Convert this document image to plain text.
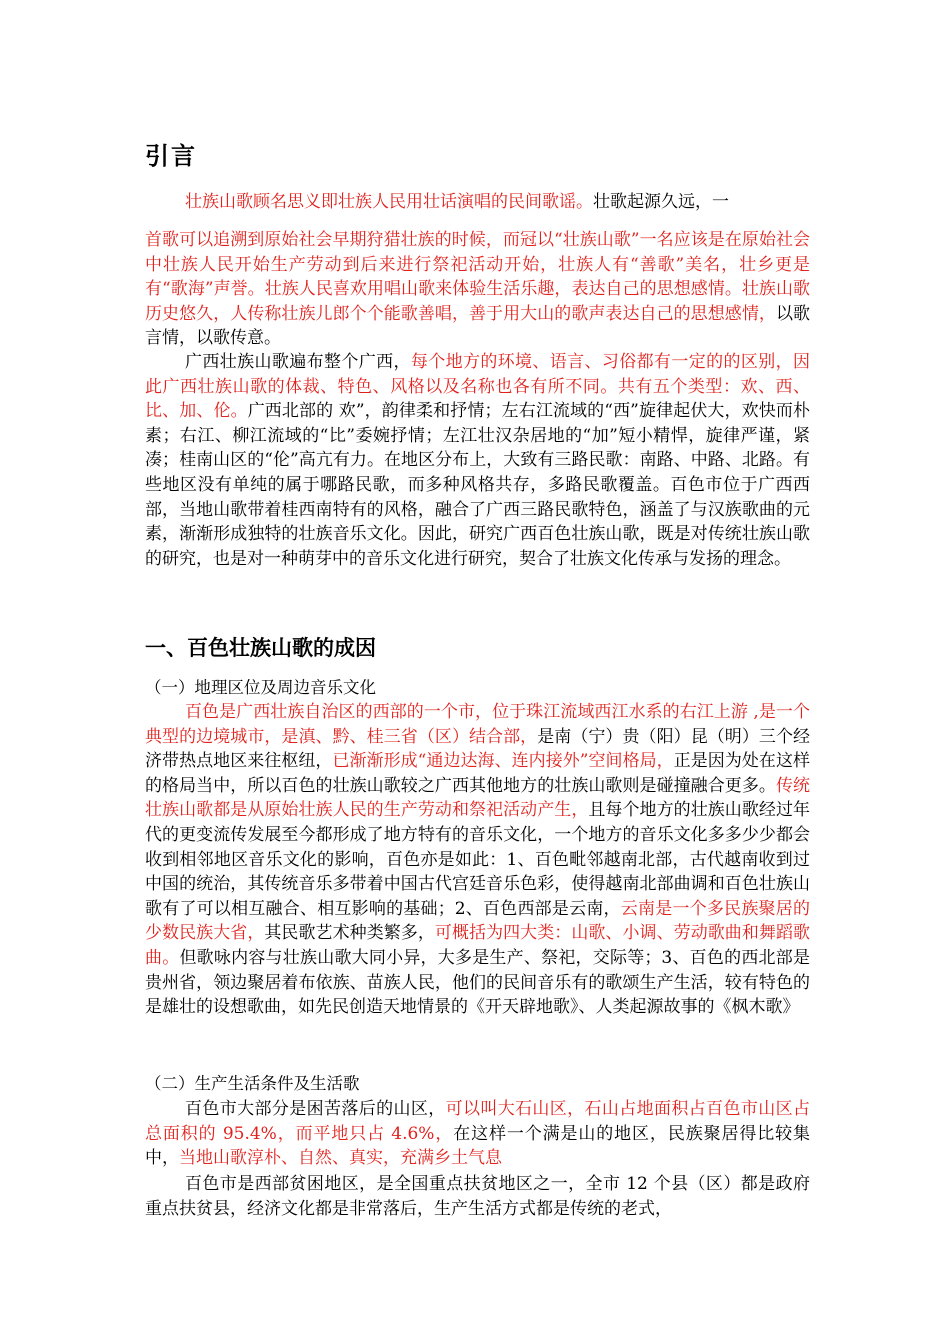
引言
壮族山歌顾名思义即壮族人民用壮话演唱的民间歌谣。壮歌起源久远，一
首歌可以追溯到原始社会早期狩猎壮族的时候，而冠以“壮族山歌”一名应该是在原始社会中壮族人民开始生产劳动到后来进行祭祀活动开始，壮族人有“善歌”美名，壮乡更是有“歌海”声誉。壮族人民喜欢用唱山歌来体验生活乐趣，表达自己的思想感情。壮族山歌历史悠久，人传称壮族儿郎个个能歌善唱，善于用大山的歌声表达自己的思想感情，以歌言情，以歌传意。
广西壮族山歌遍布整个广西，每个地方的环境、语言、习俗都有一定的的区别，因此广西壮族山歌的体裁、特色、风格以及名称也各有所不同。共有五个类型：欢、西、比、加、伦。广西北部的 欢”，韵律柔和抒情；左右江流域的“西”旋律起伏大，欢快而朴素；右江、柳江流域的“比”委婉抒情；左江壮汉杂居地的“加”短小精悍，旋律严谨，紧凑；桂南山区的“伦”高亢有力。在地区分布上，大致有三路民歌：南路、中路、北路。有些地区没有单纯的属于哪路民歌，而多种风格共存，多路民歌覆盖。百色市位于广西西部，当地山歌带着桂西南特有的风格，融合了广西三路民歌特色，涵盖了与汉族歌曲的元素，渐渐形成独特的壮族音乐文化。因此，研究广西百色壮族山歌，既是对传统壮族山歌的研究，也是对一种萌芽中的音乐文化进行研究，契合了壮族文化传承与发扬的理念。
一、百色壮族山歌的成因
（一）地理区位及周边音乐文化
百色是广西壮族自治区的西部的一个市，位于珠江流域西江水系的右江上游 ,是一个典型的边境城市，是滇、黔、桂三省（区）结合部，是南（宁）贵（阳）昆（明）三个经济带热点地区来往枢纽，已渐渐形成“通边达海、连内接外”空间格局，正是因为处在这样的格局当中，所以百色的壮族山歌较之广西其他地方的壮族山歌则是碰撞融合更多。传统壮族山歌都是从原始壮族人民的生产劳动和祭祀活动产生，且每个地方的壮族山歌经过年代的更变流传发展至今都形成了地方特有的音乐文化，一个地方的音乐文化多多少少都会收到相邻地区音乐文化的影响，百色亦是如此：1、百色毗邻越南北部，古代越南收到过中国的统治，其传统音乐多带着中国古代宫廷音乐色彩，使得越南北部曲调和百色壮族山歌有了可以相互融合、相互影响的基础；2、百色西部是云南，云南是一个多民族聚居的少数民族大省，其民歌艺术种类繁多，可概括为四大类：山歌、小调、劳动歌曲和舞蹈歌曲。但歌咏内容与壮族山歌大同小异，大多是生产、祭祀，交际等；3、百色的西北部是贵州省，领边聚居着布依族、苗族人民，他们的民间音乐有的歌颂生产生活，较有特色的是雄壮的设想歌曲，如先民创造天地情景的《开天辟地歌》、人类起源故事的《枫木歌》
（二）生产生活条件及生活歌
百色市大部分是困苦落后的山区，可以叫大石山区，石山占地面积占百色市山区占总面积的 95.4%，而平地只占 4.6%，在这样一个满是山的地区，民族聚居得比较集中，当地山歌淳朴、自然、真实，充满乡土气息
百色市是西部贫困地区，是全国重点扶贫地区之一，全市 12 个县（区）都是政府重点扶贫县，经济文化都是非常落后，生产生活方式都是传统的老式，
